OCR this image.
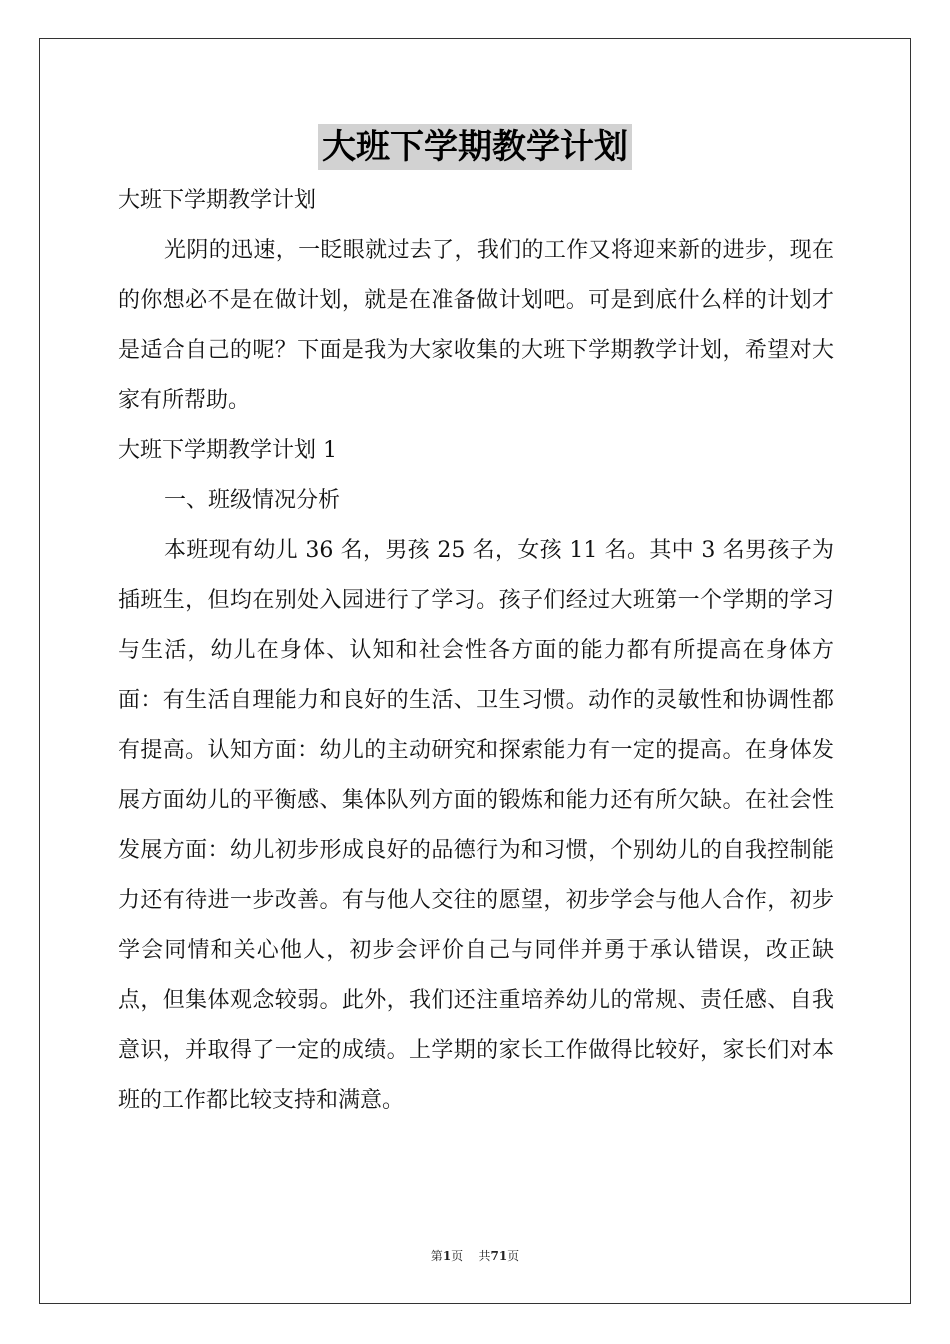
大班下学期教学计划

大班下学期教学计划

光阴的迅速，一眨眼就过去了，我们的工作又将迎来新的进步，现在的你想必不是在做计划，就是在准备做计划吧。可是到底什么样的计划才是适合自己的呢？下面是我为大家收集的大班下学期教学计划，希望对大家有所帮助。

大班下学期教学计划 1

一、班级情况分析

本班现有幼儿 36 名，男孩 25 名，女孩 11 名。其中 3 名男孩子为插班生，但均在别处入园进行了学习。孩子们经过大班第一个学期的学习与生活，幼儿在身体、认知和社会性各方面的能力都有所提高在身体方面：有生活自理能力和良好的生活、卫生习惯。动作的灵敏性和协调性都有提高。认知方面：幼儿的主动研究和探索能力有一定的提高。在身体发展方面幼儿的平衡感、集体队列方面的锻炼和能力还有所欠缺。在社会性发展方面：幼儿初步形成良好的品德行为和习惯，个别幼儿的自我控制能力还有待进一步改善。有与他人交往的愿望，初步学会与他人合作，初步学会同情和关心他人，初步会评价自己与同伴并勇于承认错误，改正缺点，但集体观念较弱。此外，我们还注重培养幼儿的常规、责任感、自我意识，并取得了一定的成绩。上学期的家长工作做得比较好，家长们对本班的工作都比较支持和满意。

第1页 共71页
